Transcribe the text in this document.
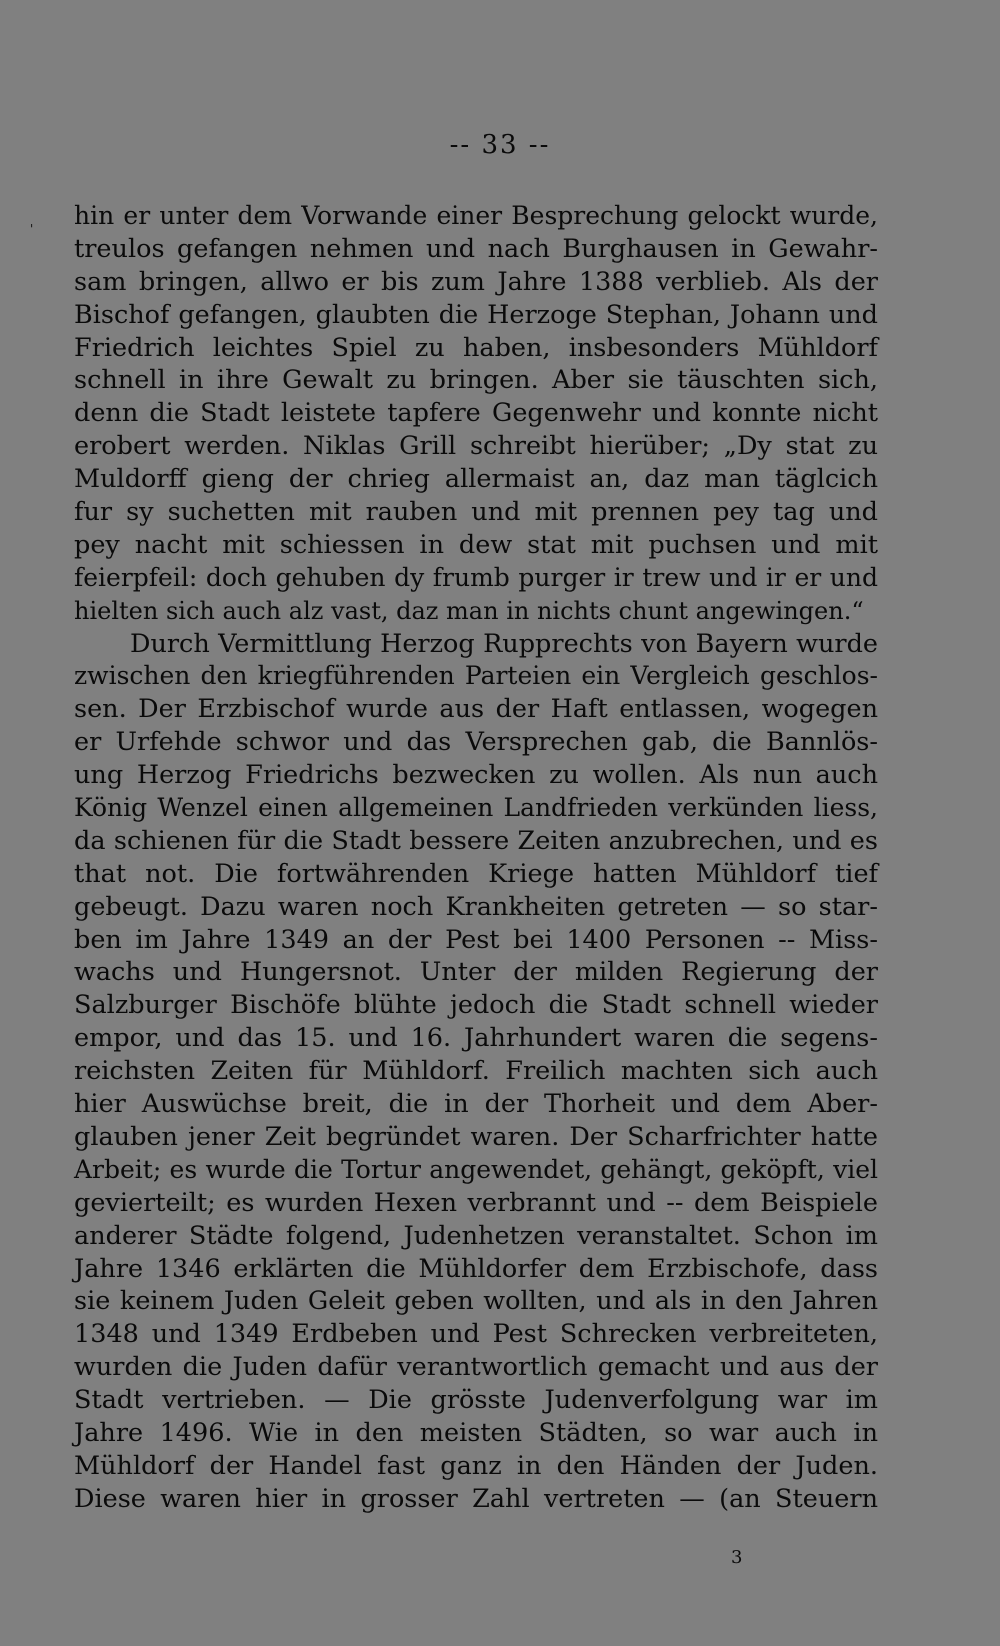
-- 33 --
' hin er unter dem Vorwande einer Besprechung gelockt wurde,
treulos gefangen nehmen und nach Burghausen in Gewahr-
sam bringen, allwo er bis zum Jahre 1388 verblieb. Als der
Bischof gefangen, glaubten die Herzoge Stephan, Johann und
Friedrich leichtes Spiel zu haben, insbesonders Mühldorf
schnell in ihre Gewalt zu bringen. Aber sie täuschten sich,
denn die Stadt leistete tapfere Gegenwehr und konnte nicht
erobert werden. Niklas Grill schreibt hierüber; „Dy stat zu
Muldorff gieng der chrieg allermaist an, daz man täglcich
fur sy suchetten mit rauben und mit prennen pey tag und
pey nacht mit schiessen in dew stat mit puchsen und mit
feierpfeil: doch gehuben dy frumb purger ir trew und ir er und
hielten sich auch alz vast, daz man in nichts chunt angewingen.“
Durch Vermittlung Herzog Rupprechts von Bayern wurde
zwischen den kriegführenden Parteien ein Vergleich geschlos-
sen. Der Erzbischof wurde aus der Haft entlassen, wogegen
er Urfehde schwor und das Versprechen gab, die Bannlös-
ung Herzog Friedrichs bezwecken zu wollen. Als nun auch
König Wenzel einen allgemeinen Landfrieden verkünden liess,
da schienen für die Stadt bessere Zeiten anzubrechen, und es
that not. Die fortwährenden Kriege hatten Mühldorf tief
gebeugt. Dazu waren noch Krankheiten getreten — so star-
ben im Jahre 1349 an der Pest bei 1400 Personen -- Miss-
wachs und Hungersnot. Unter der milden Regierung der
Salzburger Bischöfe blühte jedoch die Stadt schnell wieder
empor, und das 15. und 16. Jahrhundert waren die segens-
reichsten Zeiten für Mühldorf. Freilich machten sich auch
hier Auswüchse breit, die in der Thorheit und dem Aber-
glauben jener Zeit begründet waren. Der Scharfrichter hatte
Arbeit; es wurde die Tortur angewendet, gehängt, geköpft, viel
gevierteilt; es wurden Hexen verbrannt und -- dem Beispiele
anderer Städte folgend, Judenhetzen veranstaltet. Schon im
Jahre 1346 erklärten die Mühldorfer dem Erzbischofe, dass
sie keinem Juden Geleit geben wollten, und als in den Jahren
1348 und 1349 Erdbeben und Pest Schrecken verbreiteten,
wurden die Juden dafür verantwortlich gemacht und aus der
Stadt vertrieben. — Die grösste Judenverfolgung war im
Jahre 1496. Wie in den meisten Städten, so war auch in
Mühldorf der Handel fast ganz in den Händen der Juden.
Diese waren hier in grosser Zahl vertreten — (an Steuern
3
